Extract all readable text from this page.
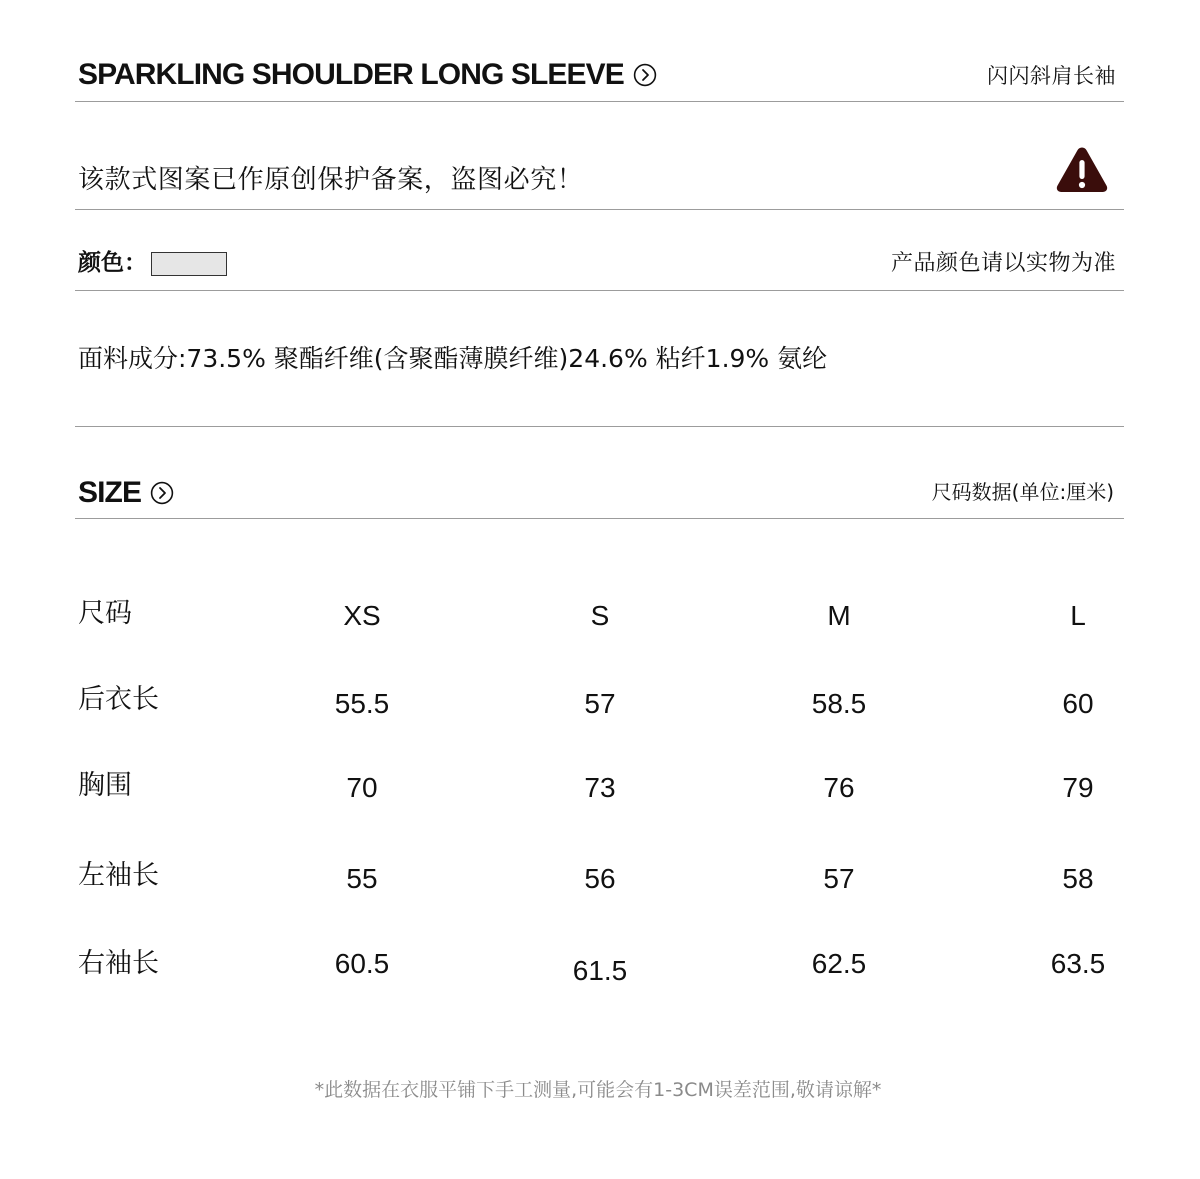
SPARKLING SHOULDER LONG SLEEVE	闪闪斜肩长袖
该款式图案已作原创保护备案，盗图必究！
颜色：	产品颜色请以实物为准
面料成分:73.5% 聚酯纤维(含聚酯薄膜纤维)24.6% 粘纤1.9% 氨纶
SIZE	尺码数据(单位:厘米)
尺码	XS	S	M	L
后衣长	55.5	57	58.5	60
胸围	70	73	76	79
左袖长	55	56	57	58
右袖长	60.5	61.5	62.5	63.5
*此数据在衣服平铺下手工测量,可能会有1-3CM误差范围,敬请谅解*
